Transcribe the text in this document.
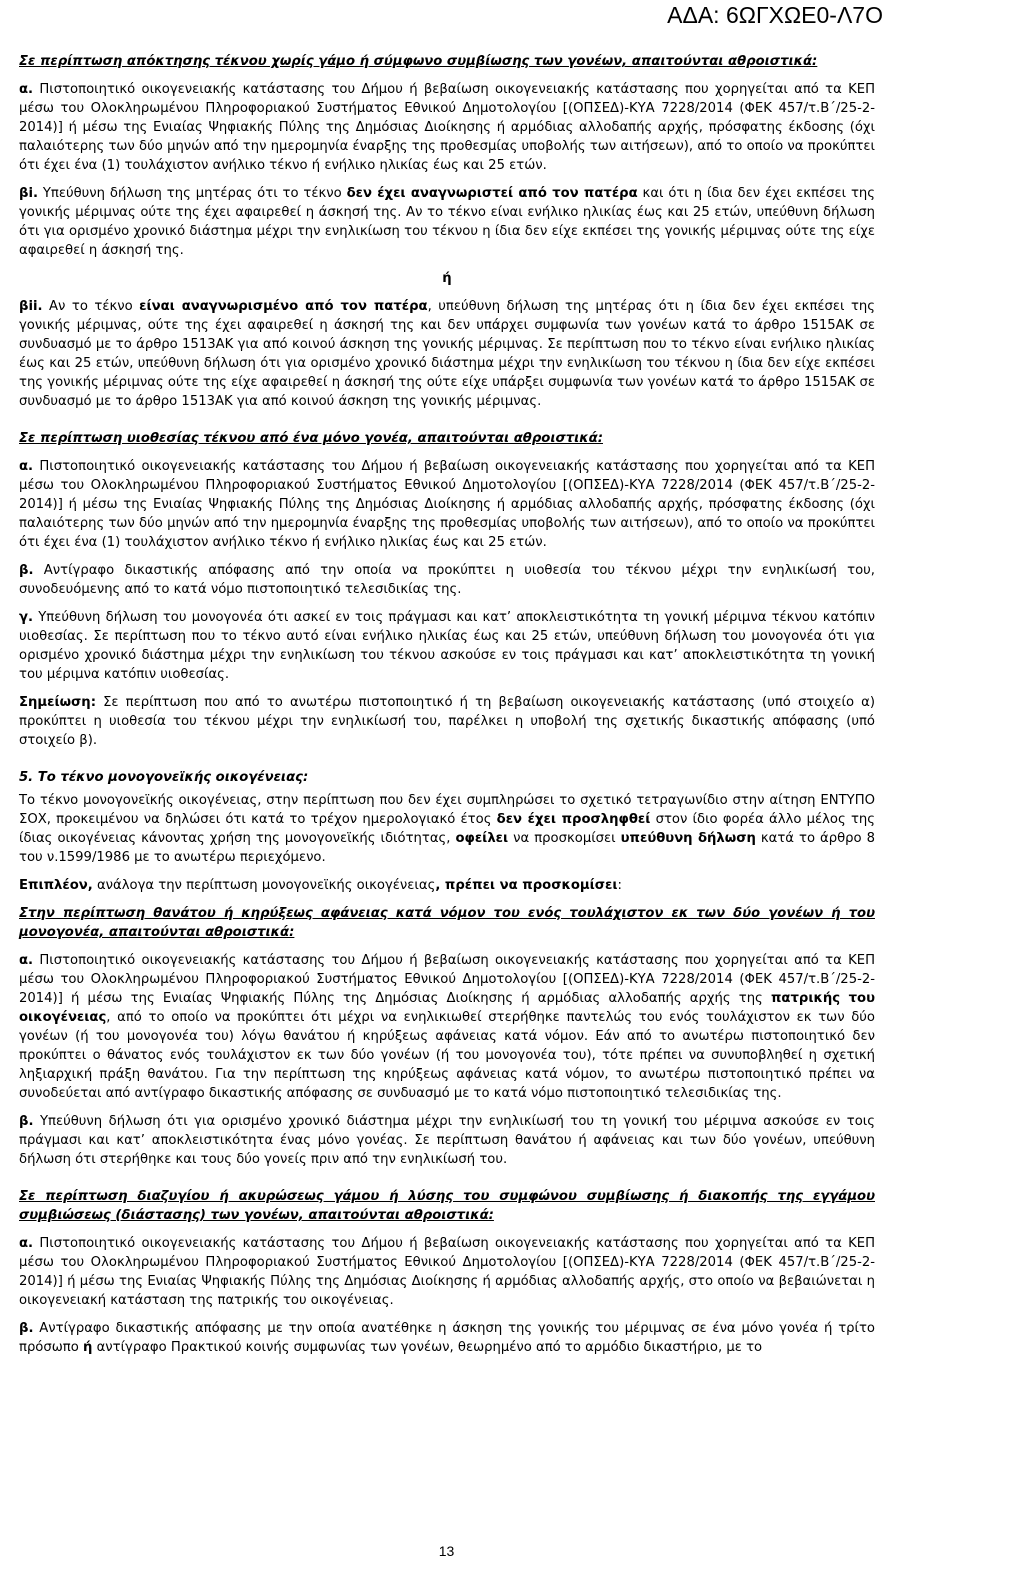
ΑΔΑ: 6ΩΓΧΩΕ0-Λ7Ο

Σε περίπτωση απόκτησης τέκνου χωρίς γάμο ή σύμφωνο συμβίωσης των γονέων, απαιτούνται αθροιστικά:

α. Πιστοποιητικό οικογενειακής κατάστασης του Δήμου ή βεβαίωση οικογενειακής κατάστασης που χορηγείται από τα ΚΕΠ μέσω του Ολοκληρωμένου Πληροφοριακού Συστήματος Εθνικού Δημοτολογίου [(ΟΠΣΕΔ)-ΚΥΑ 7228/2014 (ΦΕΚ 457/τ.Β΄/25-2-2014)] ή μέσω της Ενιαίας Ψηφιακής Πύλης της Δημόσιας Διοίκησης ή αρμόδιας αλλοδαπής αρχής, πρόσφατης έκδοσης (όχι παλαιότερης των δύο μηνών από την ημερομηνία έναρξης της προθεσμίας υποβολής των αιτήσεων), από το οποίο να προκύπτει ότι έχει ένα (1) τουλάχιστον ανήλικο τέκνο ή ενήλικο ηλικίας έως και 25 ετών.

βi. Υπεύθυνη δήλωση της μητέρας ότι το τέκνο δεν έχει αναγνωριστεί από τον πατέρα και ότι η ίδια δεν έχει εκπέσει της γονικής μέριμνας ούτε της έχει αφαιρεθεί η άσκησή της. Αν το τέκνο είναι ενήλικο ηλικίας έως και 25 ετών, υπεύθυνη δήλωση ότι για ορισμένο χρονικό διάστημα μέχρι την ενηλικίωση του τέκνου η ίδια δεν είχε εκπέσει της γονικής μέριμνας ούτε της είχε αφαιρεθεί η άσκησή της.

ή

βii. Αν το τέκνο είναι αναγνωρισμένο από τον πατέρα, υπεύθυνη δήλωση της μητέρας ότι η ίδια δεν έχει εκπέσει της γονικής μέριμνας, ούτε της έχει αφαιρεθεί η άσκησή της και δεν υπάρχει συμφωνία των γονέων κατά το άρθρο 1515ΑΚ σε συνδυασμό με το άρθρο 1513ΑΚ για από κοινού άσκηση της γονικής μέριμνας. Σε περίπτωση που το τέκνο είναι ενήλικο ηλικίας έως και 25 ετών, υπεύθυνη δήλωση ότι για ορισμένο χρονικό διάστημα μέχρι την ενηλικίωση του τέκνου η ίδια δεν είχε εκπέσει της γονικής μέριμνας ούτε της είχε αφαιρεθεί η άσκησή της ούτε είχε υπάρξει συμφωνία των γονέων κατά το άρθρο 1515ΑΚ σε συνδυασμό με το άρθρο 1513ΑΚ για από κοινού άσκηση της γονικής μέριμνας.

Σε περίπτωση υιοθεσίας τέκνου από ένα μόνο γονέα, απαιτούνται αθροιστικά:

α. Πιστοποιητικό οικογενειακής κατάστασης του Δήμου ή βεβαίωση οικογενειακής κατάστασης που χορηγείται από τα ΚΕΠ μέσω του Ολοκληρωμένου Πληροφοριακού Συστήματος Εθνικού Δημοτολογίου [(ΟΠΣΕΔ)-ΚΥΑ 7228/2014 (ΦΕΚ 457/τ.Β΄/25-2-2014)] ή μέσω της Ενιαίας Ψηφιακής Πύλης της Δημόσιας Διοίκησης ή αρμόδιας αλλοδαπής αρχής, πρόσφατης έκδοσης (όχι παλαιότερης των δύο μηνών από την ημερομηνία έναρξης της προθεσμίας υποβολής των αιτήσεων), από το οποίο να προκύπτει ότι έχει ένα (1) τουλάχιστον ανήλικο τέκνο ή ενήλικο ηλικίας έως και 25 ετών.

β. Αντίγραφο δικαστικής απόφασης από την οποία να προκύπτει η υιοθεσία του τέκνου μέχρι την ενηλικίωσή του, συνοδευόμενης από το κατά νόμο πιστοποιητικό τελεσιδικίας της.

γ. Υπεύθυνη δήλωση του μονογονέα ότι ασκεί εν τοις πράγμασι και κατ’ αποκλειστικότητα τη γονική μέριμνα τέκνου κατόπιν υιοθεσίας. Σε περίπτωση που το τέκνο αυτό είναι ενήλικο ηλικίας έως και 25 ετών, υπεύθυνη δήλωση του μονογονέα ότι για ορισμένο χρονικό διάστημα μέχρι την ενηλικίωση του τέκνου ασκούσε εν τοις πράγμασι και κατ’ αποκλειστικότητα τη γονική του μέριμνα κατόπιν υιοθεσίας.

Σημείωση: Σε περίπτωση που από το ανωτέρω πιστοποιητικό ή τη βεβαίωση οικογενειακής κατάστασης (υπό στοιχείο α) προκύπτει η υιοθεσία του τέκνου μέχρι την ενηλικίωσή του, παρέλκει η υποβολή της σχετικής δικαστικής απόφασης (υπό στοιχείο β).

5. Το τέκνο μονογονεϊκής οικογένειας:

Το τέκνο μονογονεϊκής οικογένειας, στην περίπτωση που δεν έχει συμπληρώσει το σχετικό τετραγωνίδιο στην αίτηση ΕΝΤΥΠΟ ΣΟΧ, προκειμένου να δηλώσει ότι κατά το τρέχον ημερολογιακό έτος δεν έχει προσληφθεί στον ίδιο φορέα άλλο μέλος της ίδιας οικογένειας κάνοντας χρήση της μονογονεϊκής ιδιότητας, οφείλει να προσκομίσει υπεύθυνη δήλωση κατά το άρθρο 8 του ν.1599/1986 με το ανωτέρω περιεχόμενο.

Επιπλέον, ανάλογα την περίπτωση μονογονεϊκής οικογένειας, πρέπει να προσκομίσει:

Στην περίπτωση θανάτου ή κηρύξεως αφάνειας κατά νόμον του ενός τουλάχιστον εκ των δύο γονέων ή του μονογονέα, απαιτούνται αθροιστικά:

α. Πιστοποιητικό οικογενειακής κατάστασης του Δήμου ή βεβαίωση οικογενειακής κατάστασης που χορηγείται από τα ΚΕΠ μέσω του Ολοκληρωμένου Πληροφοριακού Συστήματος Εθνικού Δημοτολογίου [(ΟΠΣΕΔ)-ΚΥΑ 7228/2014 (ΦΕΚ 457/τ.Β΄/25-2-2014)] ή μέσω της Ενιαίας Ψηφιακής Πύλης της Δημόσιας Διοίκησης ή αρμόδιας αλλοδαπής αρχής της πατρικής του οικογένειας, από το οποίο να προκύπτει ότι μέχρι να ενηλικιωθεί στερήθηκε παντελώς του ενός τουλάχιστον εκ των δύο γονέων (ή του μονογονέα του) λόγω θανάτου ή κηρύξεως αφάνειας κατά νόμον. Εάν από το ανωτέρω πιστοποιητικό δεν προκύπτει ο θάνατος ενός τουλάχιστον εκ των δύο γονέων (ή του μονογονέα του), τότε πρέπει να συνυποβληθεί η σχετική ληξιαρχική πράξη θανάτου. Για την περίπτωση της κηρύξεως αφάνειας κατά νόμον, το ανωτέρω πιστοποιητικό πρέπει να συνοδεύεται από αντίγραφο δικαστικής απόφασης σε συνδυασμό με το κατά νόμο πιστοποιητικό τελεσιδικίας της.

β. Υπεύθυνη δήλωση ότι για ορισμένο χρονικό διάστημα μέχρι την ενηλικίωσή του τη γονική του μέριμνα ασκούσε εν τοις πράγμασι και κατ’ αποκλειστικότητα ένας μόνο γονέας. Σε περίπτωση θανάτου ή αφάνειας και των δύο γονέων, υπεύθυνη δήλωση ότι στερήθηκε και τους δύο γονείς πριν από την ενηλικίωσή του.

Σε περίπτωση διαζυγίου ή ακυρώσεως γάμου ή λύσης του συμφώνου συμβίωσης ή διακοπής της εγγάμου συμβιώσεως (διάστασης) των γονέων, απαιτούνται αθροιστικά:

α. Πιστοποιητικό οικογενειακής κατάστασης του Δήμου ή βεβαίωση οικογενειακής κατάστασης που χορηγείται από τα ΚΕΠ μέσω του Ολοκληρωμένου Πληροφοριακού Συστήματος Εθνικού Δημοτολογίου [(ΟΠΣΕΔ)-ΚΥΑ 7228/2014 (ΦΕΚ 457/τ.Β΄/25-2-2014)] ή μέσω της Ενιαίας Ψηφιακής Πύλης της Δημόσιας Διοίκησης ή αρμόδιας αλλοδαπής αρχής, στο οποίο να βεβαιώνεται η οικογενειακή κατάσταση της πατρικής του οικογένειας.

β. Αντίγραφο δικαστικής απόφασης με την οποία ανατέθηκε η άσκηση της γονικής του μέριμνας σε ένα μόνο γονέα ή τρίτο πρόσωπο ή αντίγραφο Πρακτικού κοινής συμφωνίας των γονέων, θεωρημένο από το αρμόδιο δικαστήριο, με το

13
